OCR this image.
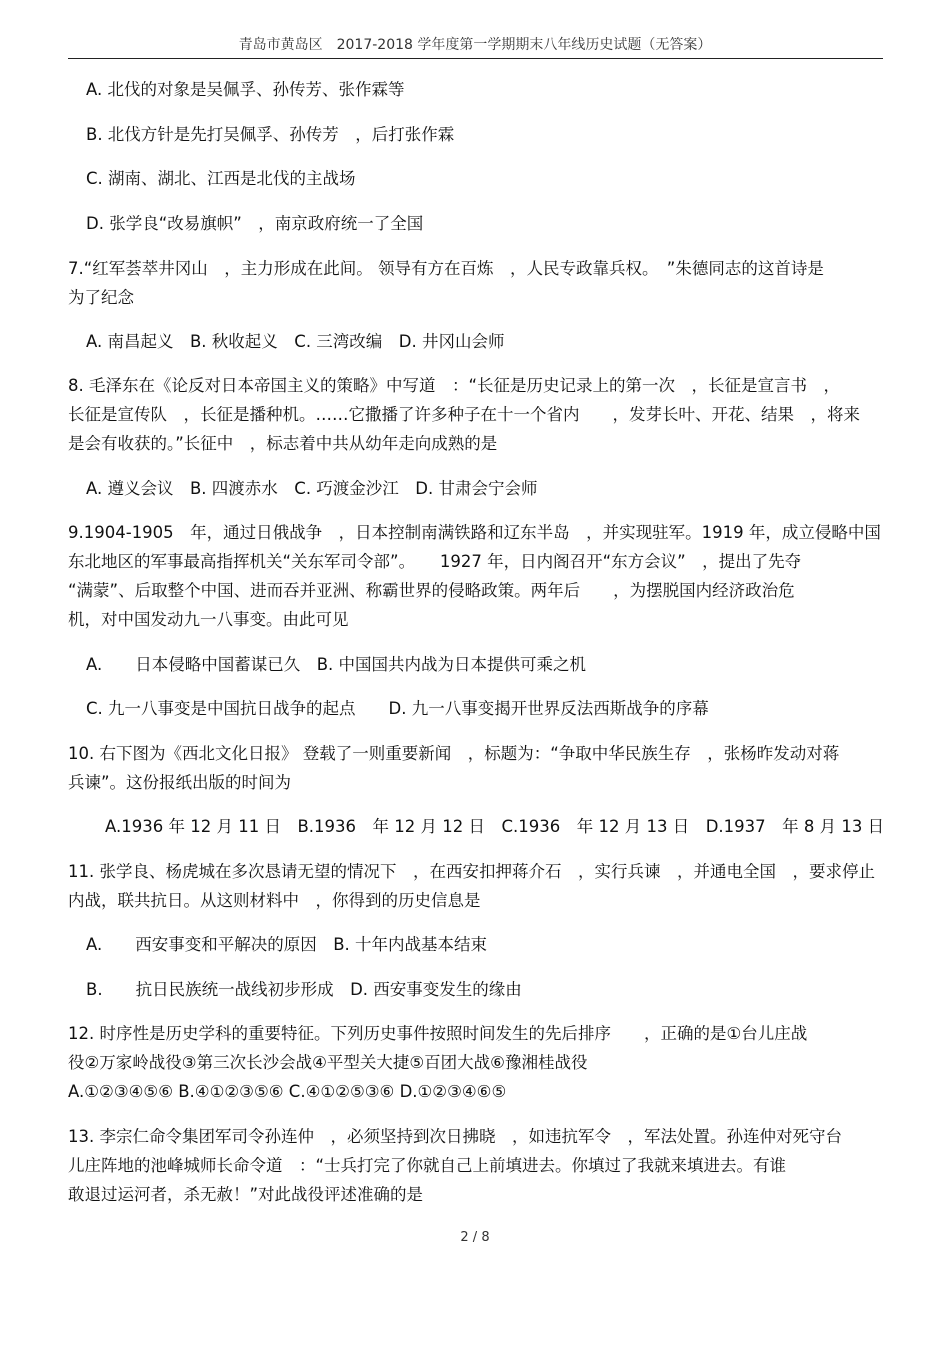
青岛市黄岛区　2017-2018 学年度第一学期期末八年线历史试题（无答案）
A. 北伐的对象是吴佩孚、孙传芳、张作霖等
B. 北伐方针是先打吴佩孚、孙传芳　，后打张作霖
C. 湖南、湖北、江西是北伐的主战场
D. 张学良“改易旗帜”　，南京政府统一了全国
7.“红军荟萃井冈山　，主力形成在此间。 领导有方在百炼　，人民专政靠兵权。　”朱德同志的这首诗是
为了纪念
A. 南昌起义　B. 秋收起义　C. 三湾改编　D. 井冈山会师
8. 毛泽东在《论反对日本帝国主义的策略》中写道　：“长征是历史记录上的第一次　，长征是宣言书　，
长征是宣传队　，长征是播种机。……它撒播了许多种子在十一个省内　　，发芽长叶、开花、结果　，将来
是会有收获的。”长征中　，标志着中共从幼年走向成熟的是
A. 遵义会议　B. 四渡赤水　C. 巧渡金沙江　D. 甘肃会宁会师
9.1904-1905　年，通过日俄战争　，日本控制南满铁路和辽东半岛　，并实现驻军。1919 年，成立侵略中国
东北地区的军事最高指挥机关“关东军司令部”。　　1927 年，日内阁召开“东方会议”　，提出了先夺
“满蒙”、后取整个中国、进而吞并亚洲、称霸世界的侵略政策。两年后　　，为摆脱国内经济政治危
机，对中国发动九一八事变。由此可见
A.　　日本侵略中国蓄谋已久　B. 中国国共内战为日本提供可乘之机
C. 九一八事变是中国抗日战争的起点　　D. 九一八事变揭开世界反法西斯战争的序幕
10. 右下图为《西北文化日报》 登载了一则重要新闻　，标题为：“争取中华民族生存　，张杨昨发动对蒋
兵谏”。这份报纸出版的时间为
A.1936 年 12 月 11 日　B.1936　年 12 月 12 日　C.1936　年 12 月 13 日　D.1937　年 8 月 13 日
11. 张学良、杨虎城在多次恳请无望的情况下　，在西安扣押蒋介石　，实行兵谏　，并通电全国　，要求停止
内战，联共抗日。从这则材料中　，你得到的历史信息是
A.　　西安事变和平解决的原因　B. 十年内战基本结束
B.　　抗日民族统一战线初步形成　D. 西安事变发生的缘由
12. 时序性是历史学科的重要特征。下列历史事件按照时间发生的先后排序　　，正确的是①台儿庄战
役②万家岭战役③第三次长沙会战④平型关大捷⑤百团大战⑥豫湘桂战役
A.①②③④⑤⑥ B.④①②③⑤⑥ C.④①②⑤③⑥ D.①②③④⑥⑤
13. 李宗仁命令集团军司令孙连仲　，必须坚持到次日拂晓　，如违抗军令　，军法处置。孙连仲对死守台
儿庄阵地的池峰城师长命令道　：“士兵打完了你就自己上前填进去。你填过了我就来填进去。有谁
敢退过运河者，杀无赦！”对此战役评述准确的是
2 / 8
